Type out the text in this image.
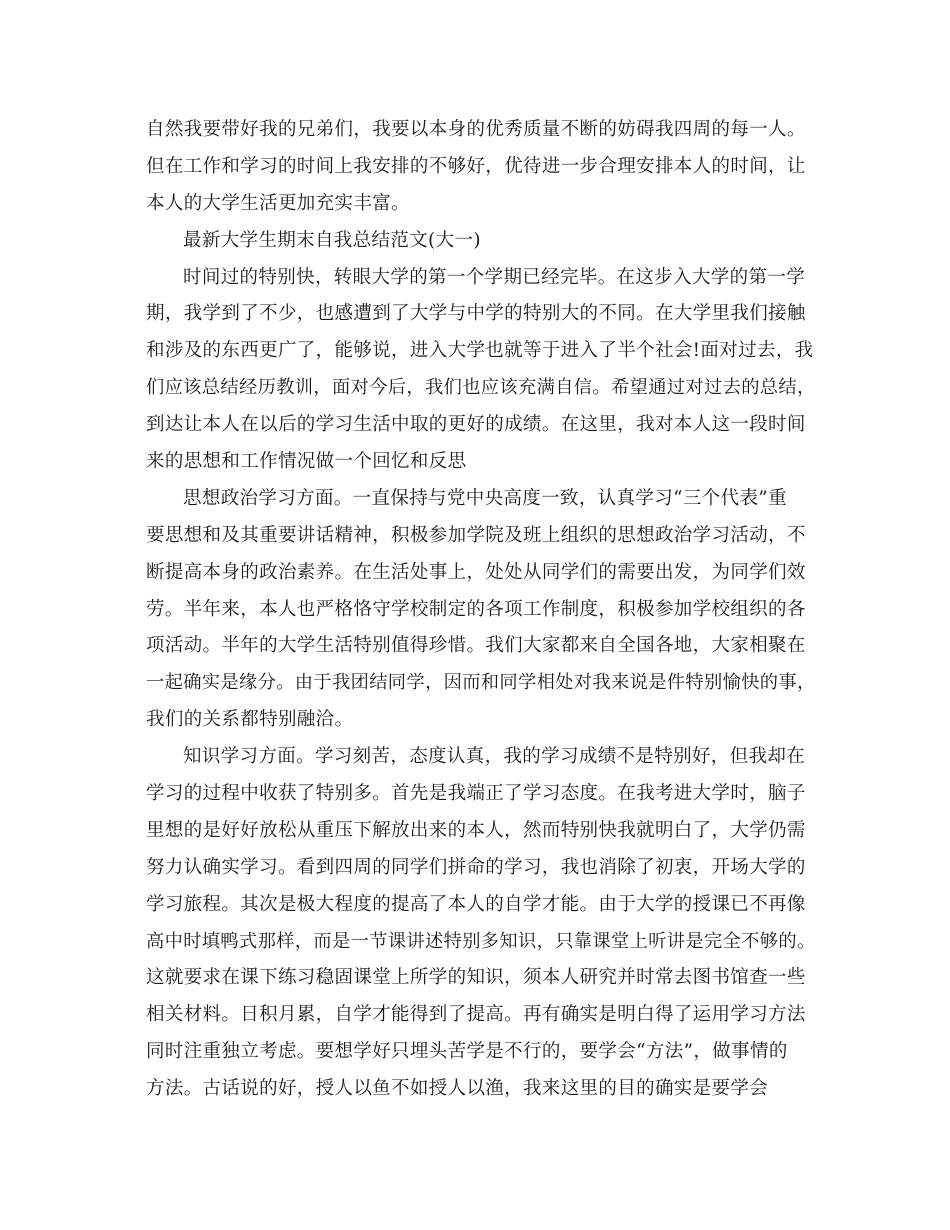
自然我要带好我的兄弟们，我要以本身的优秀质量不断的妨碍我四周的每一人。
但在工作和学习的时间上我安排的不够好，优待进一步合理安排本人的时间，让
本人的大学生活更加充实丰富。
最新大学生期末自我总结范文(大一)
时间过的特别快，转眼大学的第一个学期已经完毕。在这步入大学的第一学
期，我学到了不少，也感遭到了大学与中学的特别大的不同。在大学里我们接触
和涉及的东西更广了，能够说，进入大学也就等于进入了半个社会!面对过去，我
们应该总结经历教训，面对今后，我们也应该充满自信。希望通过对过去的总结，
到达让本人在以后的学习生活中取的更好的成绩。在这里，我对本人这一段时间
来的思想和工作情况做一个回忆和反思
思想政治学习方面。一直保持与党中央高度一致，认真学习“三个代表”重
要思想和及其重要讲话精神，积极参加学院及班上组织的思想政治学习活动，不
断提高本身的政治素养。在生活处事上，处处从同学们的需要出发，为同学们效
劳。半年来，本人也严格恪守学校制定的各项工作制度，积极参加学校组织的各
项活动。半年的大学生活特别值得珍惜。我们大家都来自全国各地，大家相聚在
一起确实是缘分。由于我团结同学，因而和同学相处对我来说是件特别愉快的事，
我们的关系都特别融洽。
知识学习方面。学习刻苦，态度认真，我的学习成绩不是特别好，但我却在
学习的过程中收获了特别多。首先是我端正了学习态度。在我考进大学时，脑子
里想的是好好放松从重压下解放出来的本人，然而特别快我就明白了，大学仍需
努力认确实学习。看到四周的同学们拼命的学习，我也消除了初衷，开场大学的
学习旅程。其次是极大程度的提高了本人的自学才能。由于大学的授课已不再像
高中时填鸭式那样，而是一节课讲述特别多知识，只靠课堂上听讲是完全不够的。
这就要求在课下练习稳固课堂上所学的知识，须本人研究并时常去图书馆查一些
相关材料。日积月累，自学才能得到了提高。再有确实是明白得了运用学习方法
同时注重独立考虑。要想学好只埋头苦学是不行的，要学会“方法”，做事情的
方法。古话说的好，授人以鱼不如授人以渔，我来这里的目的确实是要学会
